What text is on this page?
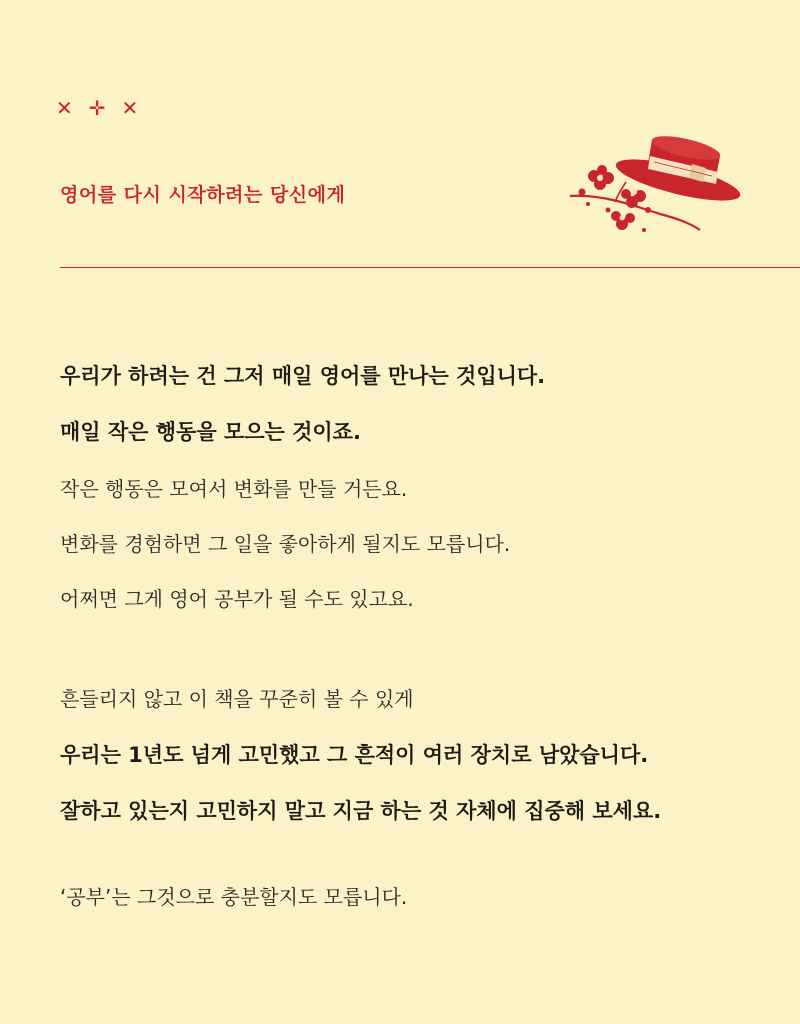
✕ ✛ ✕
영어를 다시 시작하려는 당신에게

우리가 하려는 건 그저 매일 영어를 만나는 것입니다.

매일 작은 행동을 모으는 것이죠.

작은 행동은 모여서 변화를 만들 거든요.

변화를 경험하면 그 일을 좋아하게 될지도 모릅니다.

어쩌면 그게 영어 공부가 될 수도 있고요.

흔들리지 않고 이 책을 꾸준히 볼 수 있게

우리는 1년도 넘게 고민했고 그 흔적이 여러 장치로 남았습니다.

잘하고 있는지 고민하지 말고 지금 하는 것 자체에 집중해 보세요.

‘공부’는 그것으로 충분할지도 모릅니다.
